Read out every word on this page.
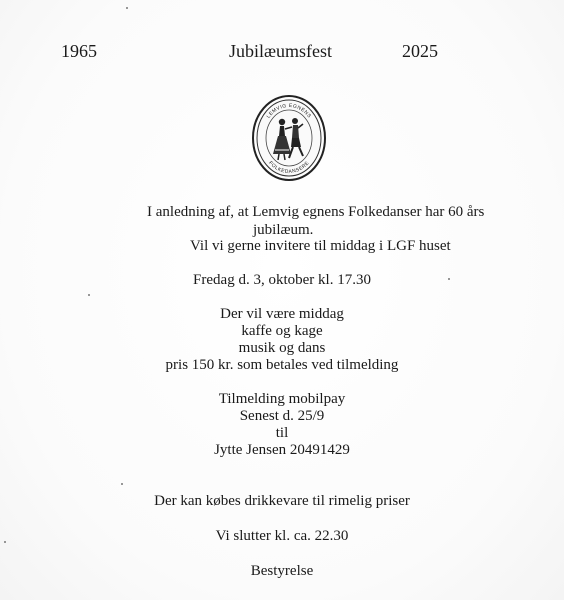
1965	Jubilæumsfest	2025
LEMVIG EGNENS
FOLKEDANSERE
I anledning af, at Lemvig egnens Folkedanser har 60 års
jubilæum.
Vil vi gerne invitere til middag i LGF huset
Fredag d. 3, oktober kl. 17.30
Der vil være middag
kaffe og kage
musik og dans
pris 150 kr. som betales ved tilmelding
Tilmelding mobilpay
Senest d. 25/9
til
Jytte Jensen 20491429
Der kan købes drikkevare til rimelig priser
Vi slutter kl. ca. 22.30
Bestyrelse
